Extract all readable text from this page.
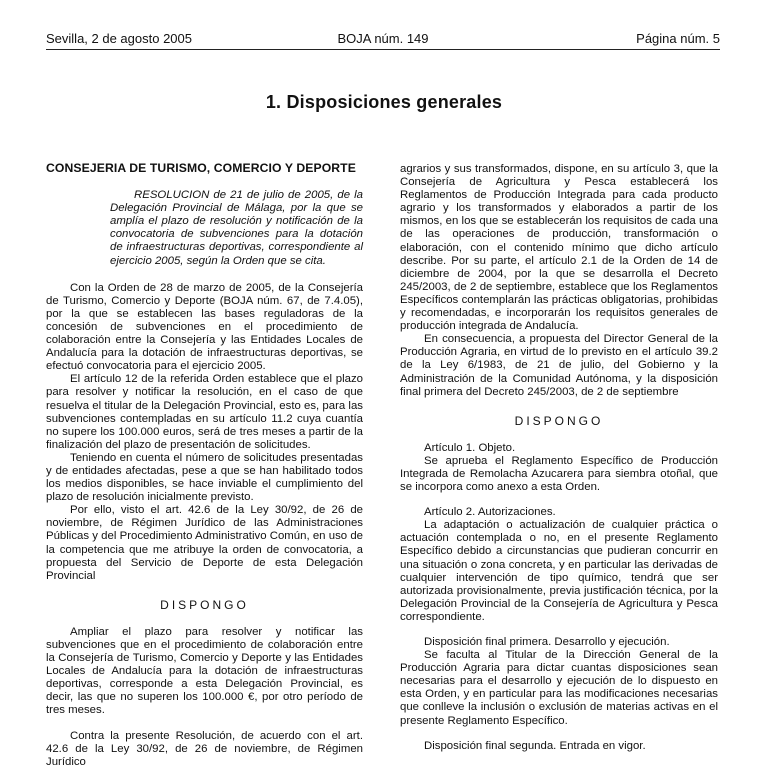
Sevilla, 2 de agosto 2005	BOJA núm. 149	Página núm. 5
1. Disposiciones generales

CONSEJERIA DE TURISMO, COMERCIO Y DEPORTE

RESOLUCION de 21 de julio de 2005, de la Delegación Provincial de Málaga, por la que se amplía el plazo de resolución y notificación de la convocatoria de subvenciones para la dotación de infraestructuras deportivas, correspondiente al ejercicio 2005, según la Orden que se cita.

Con la Orden de 28 de marzo de 2005, de la Consejería de Turismo, Comercio y Deporte (BOJA núm. 67, de 7.4.05), por la que se establecen las bases reguladoras de la concesión de subvenciones en el procedimiento de colaboración entre la Consejería y las Entidades Locales de Andalucía para la dotación de infraestructuras deportivas, se efectuó convocatoria para el ejercicio 2005.

El artículo 12 de la referida Orden establece que el plazo para resolver y notificar la resolución, en el caso de que resuelva el titular de la Delegación Provincial, esto es, para las subvenciones contempladas en su artículo 11.2 cuya cuantía no supere los 100.000 euros, será de tres meses a partir de la finalización del plazo de presentación de solicitudes.

Teniendo en cuenta el número de solicitudes presentadas y de entidades afectadas, pese a que se han habilitado todos los medios disponibles, se hace inviable el cumplimiento del plazo de resolución inicialmente previsto.

Por ello, visto el art. 42.6 de la Ley 30/92, de 26 de noviembre, de Régimen Jurídico de las Administraciones Públicas y del Procedimiento Administrativo Común, en uso de la competencia que me atribuye la orden de convocatoria, a propuesta del Servicio de Deporte de esta Delegación Provincial

DISPONGO

Ampliar el plazo para resolver y notificar las subvenciones que en el procedimiento de colaboración entre la Consejería de Turismo, Comercio y Deporte y las Entidades Locales de Andalucía para la dotación de infraestructuras deportivas, corresponde a esta Delegación Provincial, es decir, las que no superen los 100.000 €, por otro período de tres meses.

Contra la presente Resolución, de acuerdo con el art. 42.6 de la Ley 30/92, de 26 de noviembre, de Régimen Jurídico

agrarios y sus transformados, dispone, en su artículo 3, que la Consejería de Agricultura y Pesca establecerá los Reglamentos de Producción Integrada para cada producto agrario y los transformados y elaborados a partir de los mismos, en los que se establecerán los requisitos de cada una de las operaciones de producción, transformación o elaboración, con el contenido mínimo que dicho artículo describe. Por su parte, el artículo 2.1 de la Orden de 14 de diciembre de 2004, por la que se desarrolla el Decreto 245/2003, de 2 de septiembre, establece que los Reglamentos Específicos contemplarán las prácticas obligatorias, prohibidas y recomendadas, e incorporarán los requisitos generales de producción integrada de Andalucía.

En consecuencia, a propuesta del Director General de la Producción Agraria, en virtud de lo previsto en el artículo 39.2 de la Ley 6/1983, de 21 de julio, del Gobierno y la Administración de la Comunidad Autónoma, y la disposición final primera del Decreto 245/2003, de 2 de septiembre

DISPONGO

Artículo 1. Objeto.

Se aprueba el Reglamento Específico de Producción Integrada de Remolacha Azucarera para siembra otoñal, que se incorpora como anexo a esta Orden.

Artículo 2. Autorizaciones.

La adaptación o actualización de cualquier práctica o actuación contemplada o no, en el presente Reglamento Específico debido a circunstancias que pudieran concurrir en una situación o zona concreta, y en particular las derivadas de cualquier intervención de tipo químico, tendrá que ser autorizada provisionalmente, previa justificación técnica, por la Delegación Provincial de la Consejería de Agricultura y Pesca correspondiente.

Disposición final primera. Desarrollo y ejecución.

Se faculta al Titular de la Dirección General de la Producción Agraria para dictar cuantas disposiciones sean necesarias para el desarrollo y ejecución de lo dispuesto en esta Orden, y en particular para las modificaciones necesarias que conlleve la inclusión o exclusión de materias activas en el presente Reglamento Específico.

Disposición final segunda. Entrada en vigor.
